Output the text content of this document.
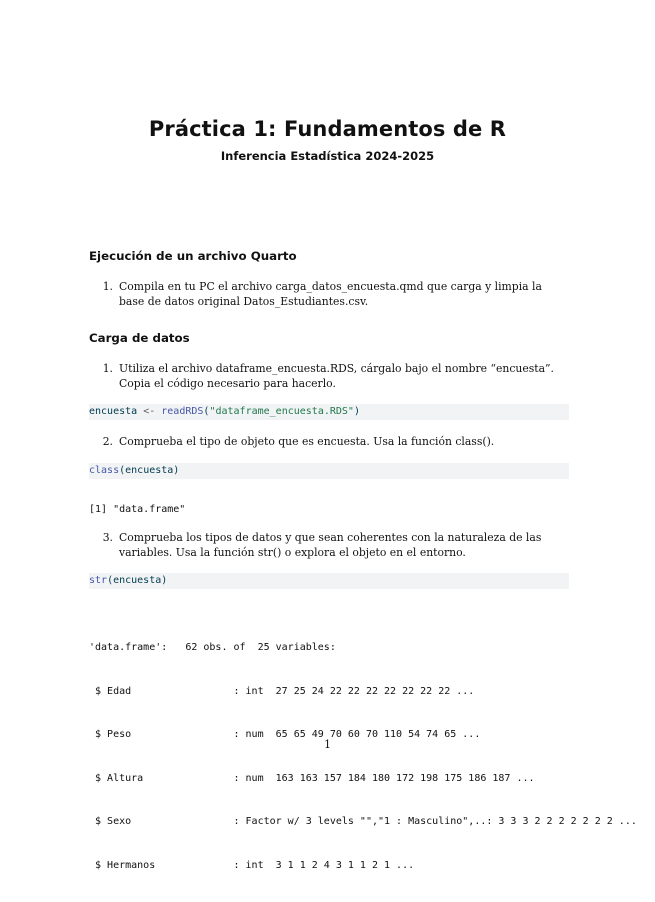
Práctica 1: Fundamentos de R
Inferencia Estadística 2024-2025
Ejecución de un archivo Quarto
1. Compila en tu PC el archivo carga_datos_encuesta.qmd que carga y limpia la base de datos original Datos_Estudiantes.csv.
Carga de datos
1. Utiliza el archivo dataframe_encuesta.RDS, cárgalo bajo el nombre “encuesta”. Copia el código necesario para hacerlo.
encuesta <- readRDS("dataframe_encuesta.RDS")
2. Comprueba el tipo de objeto que es encuesta. Usa la función class().
class(encuesta)
[1] "data.frame"
3. Comprueba los tipos de datos y que sean coherentes con la naturaleza de las variables. Usa la función str() o explora el objeto en el entorno.
str(encuesta)

'data.frame':   62 obs. of  25 variables:

$ Edad                 : int  27 25 24 22 22 22 22 22 22 22 ...

$ Peso                 : num  65 65 49 70 60 70 110 54 74 65 ...

$ Altura               : num  163 163 157 184 180 172 198 175 186 187 ...

$ Sexo                 : Factor w/ 3 levels "","1 : Masculino",..: 3 3 3 2 2 2 2 2 2 2 ...

$ Hermanos             : int  3 1 1 2 4 3 1 1 2 1 ...

1
